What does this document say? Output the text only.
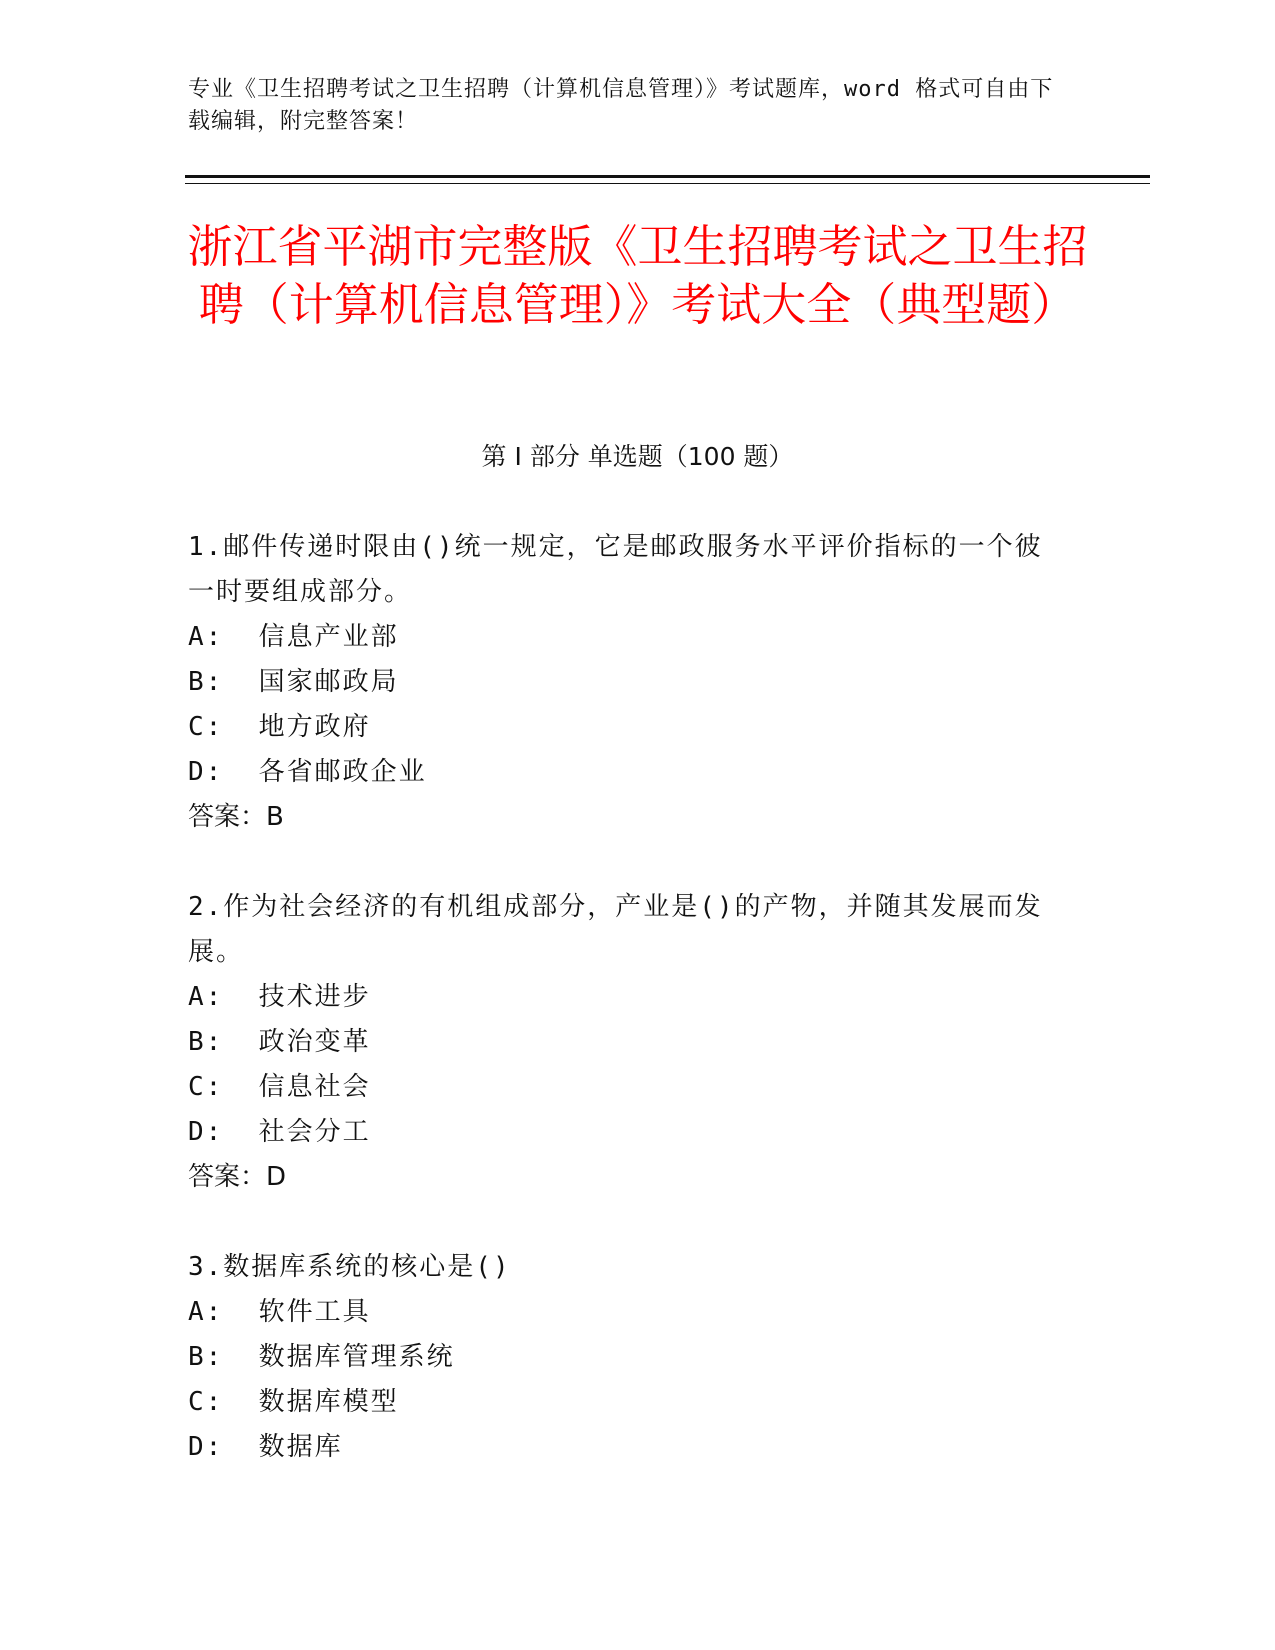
专业《卫生招聘考试之卫生招聘（计算机信息管理）》考试题库，word 格式可自由下载编辑，附完整答案！
浙江省平湖市完整版《卫生招聘考试之卫生招聘（计算机信息管理）》考试大全（典型题）
第 I 部分 单选题（100 题）

1.邮件传递时限由()统一规定，它是邮政服务水平评价指标的一个彼一时要组成部分。

A:  信息产业部

B:  国家邮政局

C:  地方政府

D:  各省邮政企业

答案：B

2.作为社会经济的有机组成部分，产业是()的产物，并随其发展而发展。

A:  技术进步

B:  政治变革

C:  信息社会

D:  社会分工

答案：D

3.数据库系统的核心是()

A:  软件工具

B:  数据库管理系统

C:  数据库模型

D:  数据库
